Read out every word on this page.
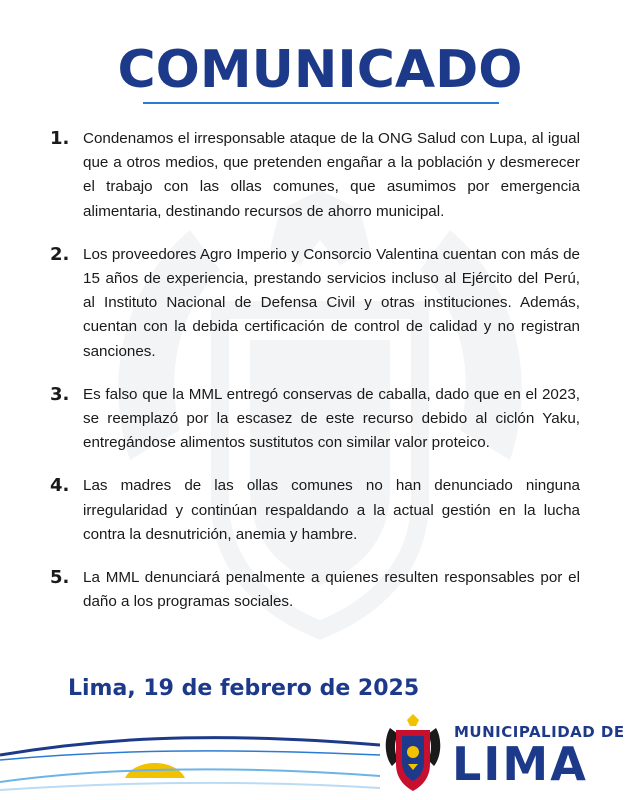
COMUNICADO
1. Condenamos el irresponsable ataque de la ONG Salud con Lupa, al igual que a otros medios, que pretenden engañar a la población y desmerecer el trabajo con las ollas comunes, que asumimos por emergencia alimentaria, destinando recursos de ahorro municipal.
2. Los proveedores Agro Imperio y Consorcio Valentina cuentan con más de 15 años de experiencia, prestando servicios incluso al Ejército del Perú, al Instituto Nacional de Defensa Civil y otras instituciones. Además, cuentan con la debida certificación de control de calidad y no registran sanciones.
3. Es falso que la MML entregó conservas de caballa, dado que en el 2023, se reemplazó por la escasez de este recurso debido al ciclón Yaku, entregándose alimentos sustitutos con similar valor proteico.
4. Las madres de las ollas comunes no han denunciado ninguna irregularidad y continúan respaldando a la actual gestión en la lucha contra la desnutrición, anemia y hambre.
5. La MML denunciará penalmente a quienes resulten responsables por el daño a los programas sociales.
Lima, 19 de febrero de 2025
MUNICIPALIDAD DE
LIMA
